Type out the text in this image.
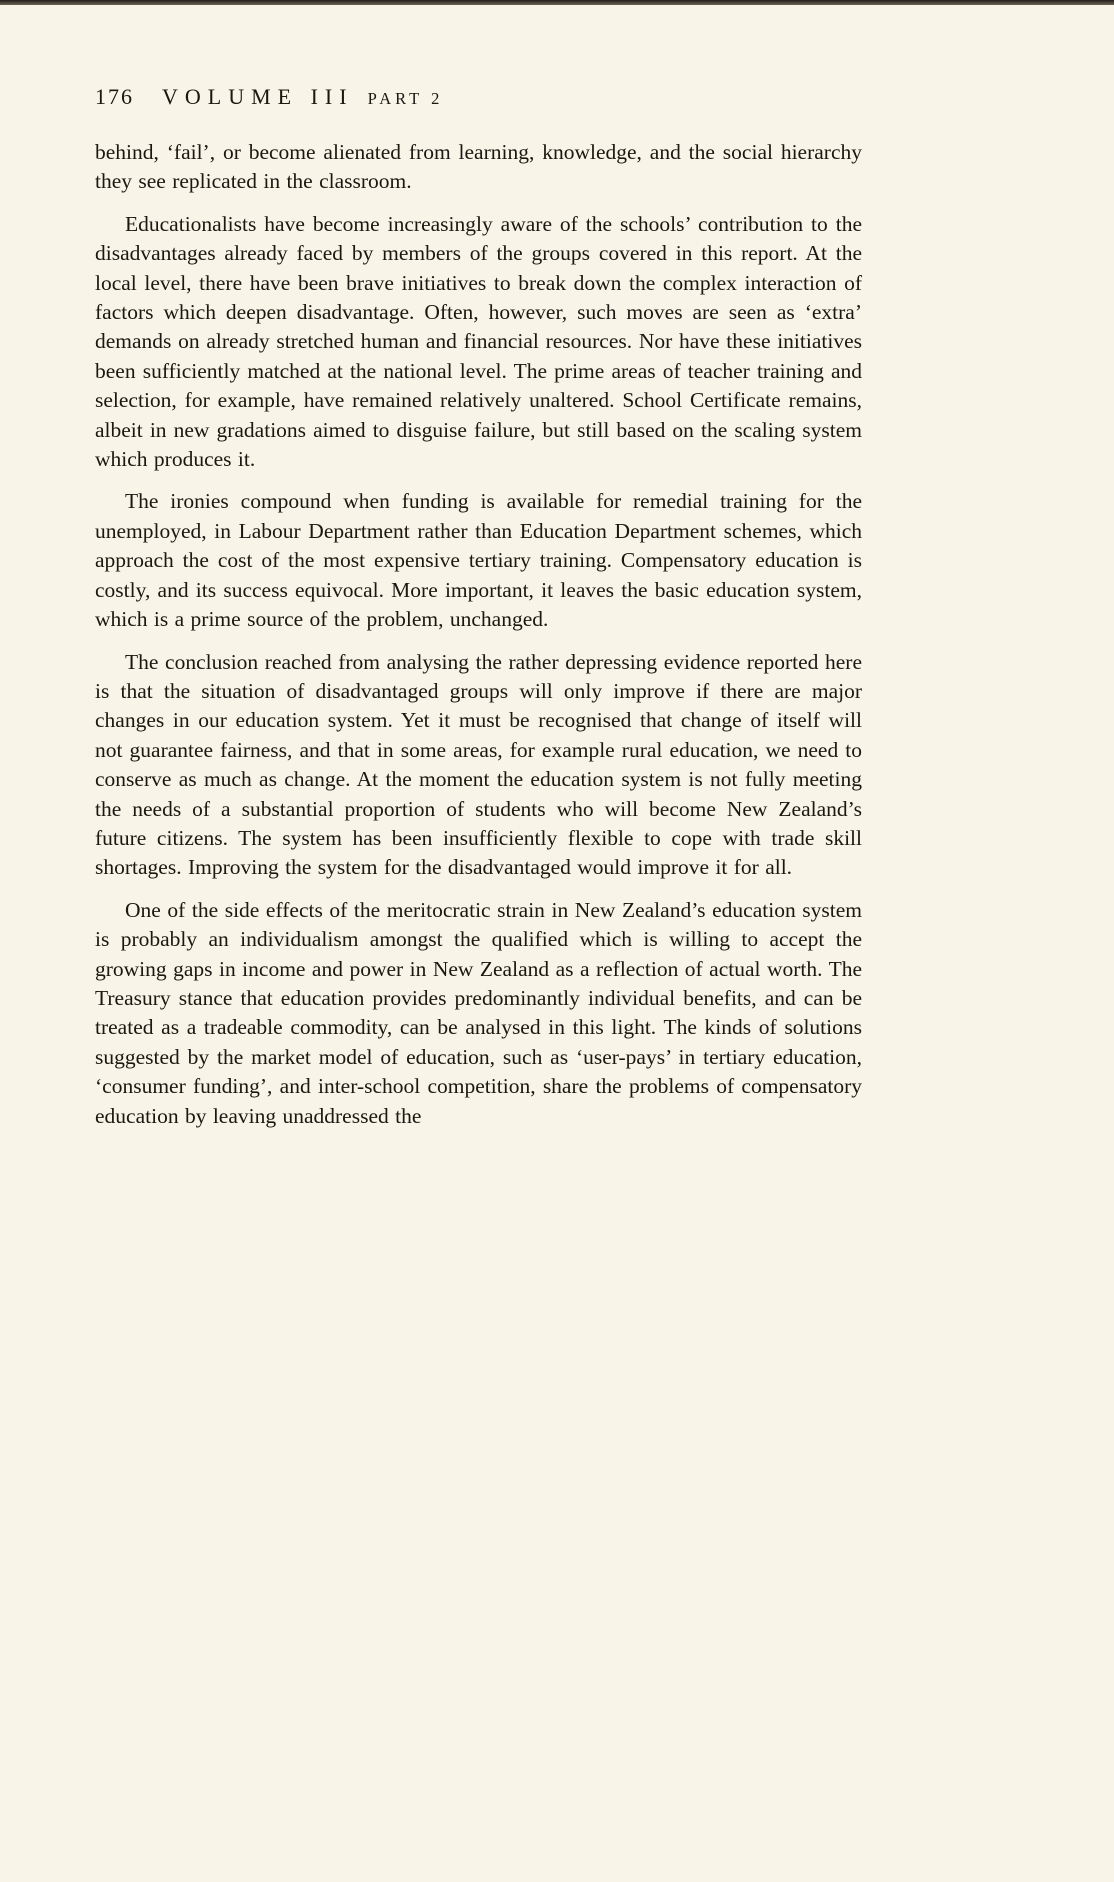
176 VOLUME III PART 2

behind, ‘fail’, or become alienated from learning, knowledge, and the social hierarchy they see replicated in the classroom.

Educationalists have become increasingly aware of the schools’ contribution to the disadvantages already faced by members of the groups covered in this report. At the local level, there have been brave initiatives to break down the complex interaction of factors which deepen disadvantage. Often, however, such moves are seen as ‘extra’ demands on already stretched human and financial resources. Nor have these initiatives been sufficiently matched at the national level. The prime areas of teacher training and selection, for example, have remained relatively unaltered. School Certificate remains, albeit in new gradations aimed to disguise failure, but still based on the scaling system which produces it.

The ironies compound when funding is available for remedial training for the unemployed, in Labour Department rather than Education Department schemes, which approach the cost of the most expensive tertiary training. Compensatory education is costly, and its success equivocal. More important, it leaves the basic education system, which is a prime source of the problem, unchanged.

The conclusion reached from analysing the rather depressing evidence reported here is that the situation of disadvantaged groups will only improve if there are major changes in our education system. Yet it must be recognised that change of itself will not guarantee fairness, and that in some areas, for example rural education, we need to conserve as much as change. At the moment the education system is not fully meeting the needs of a substantial proportion of students who will become New Zealand’s future citizens. The system has been insufficiently flexible to cope with trade skill shortages. Improving the system for the disadvantaged would improve it for all.

One of the side effects of the meritocratic strain in New Zealand’s education system is probably an individualism amongst the qualified which is willing to accept the growing gaps in income and power in New Zealand as a reflection of actual worth. The Treasury stance that education provides predominantly individual benefits, and can be treated as a tradeable commodity, can be analysed in this light. The kinds of solutions suggested by the market model of education, such as ‘user-pays’ in tertiary education, ‘consumer funding’, and inter-school competition, share the problems of compensatory education by leaving unaddressed the
